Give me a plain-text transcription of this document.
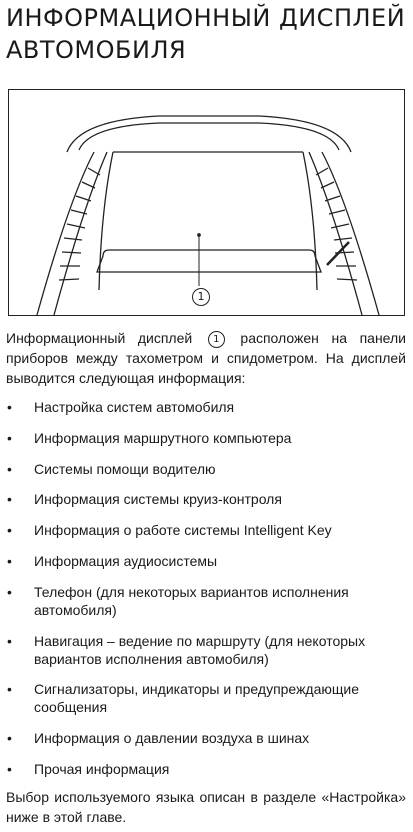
ИНФОРМАЦИОННЫЙ ДИСПЛЕЙ АВТОМОБИЛЯ
1

Информационный дисплей 1 расположен на панели приборов между тахометром и спидометром. На дисплей выводится следующая информация:

• Настройка систем автомобиля
• Информация маршрутного компьютера
• Системы помощи водителю
• Информация системы круиз-контроля
• Информация о работе системы Intelligent Key
• Информация аудиосистемы
• Телефон (для некоторых вариантов исполнения автомобиля)
• Навигация – ведение по маршруту (для некоторых вариантов исполнения автомобиля)
• Сигнализаторы, индикаторы и предупреждающие сообщения
• Информация о давлении воздуха в шинах
• Прочая информация

Выбор используемого языка описан в разделе «Настройка» ниже в этой главе.
